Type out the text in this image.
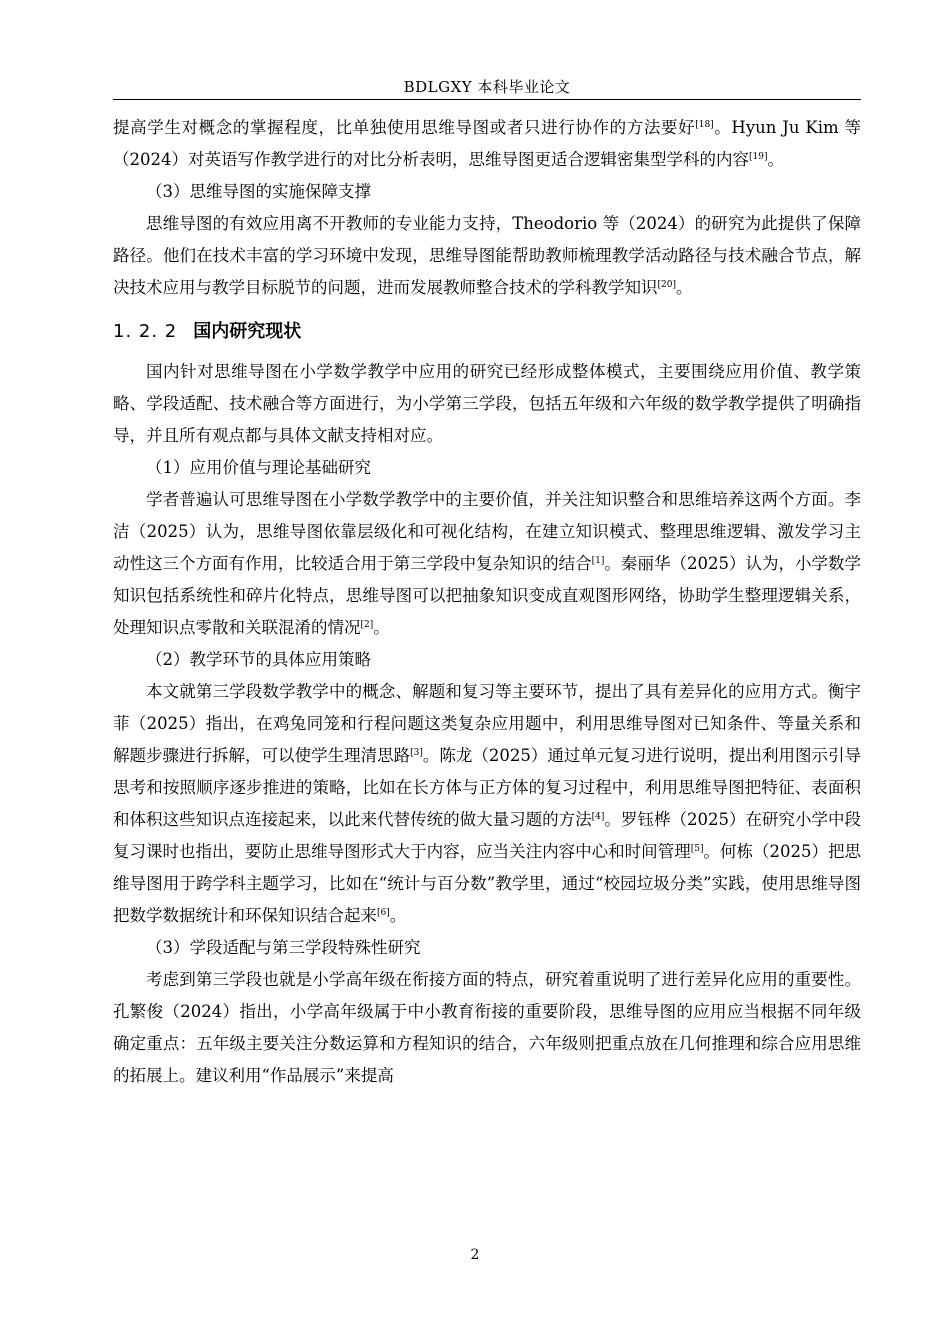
BDLGXY 本科毕业论文

提高学生对概念的掌握程度，比单独使用思维导图或者只进行协作的方法要好[18]。Hyun Ju Kim 等（2024）对英语写作教学进行的对比分析表明，思维导图更适合逻辑密集型学科的内容[19]。

（3）思维导图的实施保障支撑

思维导图的有效应用离不开教师的专业能力支持，Theodorio 等（2024）的研究为此提供了保障路径。他们在技术丰富的学习环境中发现，思维导图能帮助教师梳理教学活动路径与技术融合节点，解决技术应用与教学目标脱节的问题，进而发展教师整合技术的学科教学知识[20]。

1. 2. 2 国内研究现状

国内针对思维导图在小学数学教学中应用的研究已经形成整体模式，主要围绕应用价值、教学策略、学段适配、技术融合等方面进行，为小学第三学段，包括五年级和六年级的数学教学提供了明确指导，并且所有观点都与具体文献支持相对应。

（1）应用价值与理论基础研究

学者普遍认可思维导图在小学数学教学中的主要价值，并关注知识整合和思维培养这两个方面。李洁（2025）认为，思维导图依靠层级化和可视化结构，在建立知识模式、整理思维逻辑、激发学习主动性这三个方面有作用，比较适合用于第三学段中复杂知识的结合[1]。秦丽华（2025）认为，小学数学知识包括系统性和碎片化特点，思维导图可以把抽象知识变成直观图形网络，协助学生整理逻辑关系，处理知识点零散和关联混淆的情况[2]。

（2）教学环节的具体应用策略

本文就第三学段数学教学中的概念、解题和复习等主要环节，提出了具有差异化的应用方式。衡宇菲（2025）指出，在鸡兔同笼和行程问题这类复杂应用题中，利用思维导图对已知条件、等量关系和解题步骤进行拆解，可以使学生理清思路[3]。陈龙（2025）通过单元复习进行说明，提出利用图示引导思考和按照顺序逐步推进的策略，比如在长方体与正方体的复习过程中，利用思维导图把特征、表面积和体积这些知识点连接起来，以此来代替传统的做大量习题的方法[4]。罗钰桦（2025）在研究小学中段复习课时也指出，要防止思维导图形式大于内容，应当关注内容中心和时间管理[5]。何栋（2025）把思维导图用于跨学科主题学习，比如在“统计与百分数”教学里，通过“校园垃圾分类”实践，使用思维导图把数学数据统计和环保知识结合起来[6]。

（3）学段适配与第三学段特殊性研究

考虑到第三学段也就是小学高年级在衔接方面的特点，研究着重说明了进行差异化应用的重要性。孔繁俊（2024）指出，小学高年级属于中小教育衔接的重要阶段，思维导图的应用应当根据不同年级确定重点：五年级主要关注分数运算和方程知识的结合，六年级则把重点放在几何推理和综合应用思维的拓展上。建议利用“作品展示”来提高

2
